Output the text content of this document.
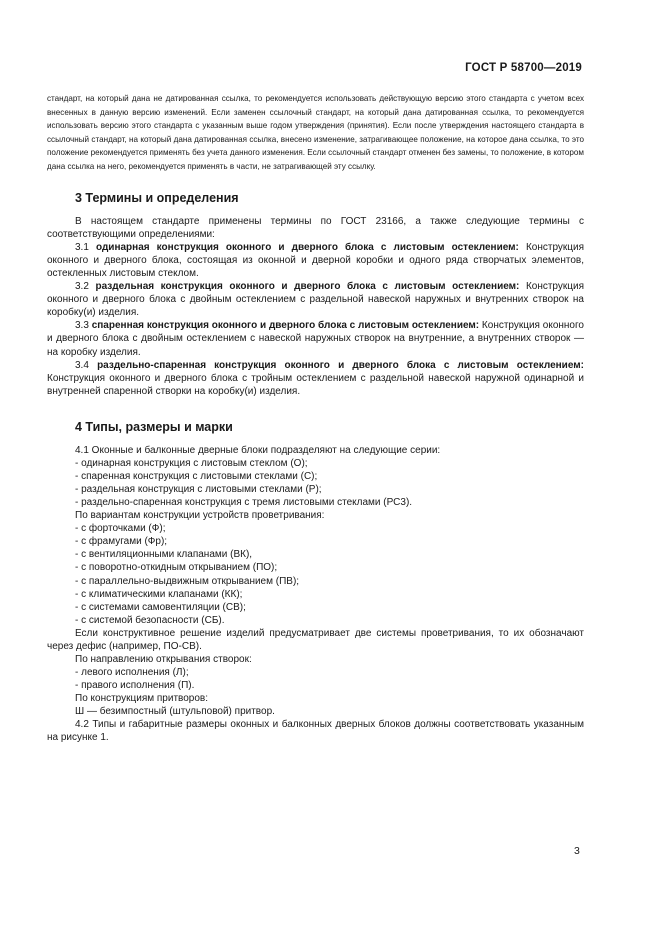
ГОСТ Р 58700—2019

стандарт, на который дана не датированная ссылка, то рекомендуется использовать действующую версию этого стандарта с учетом всех внесенных в данную версию изменений. Если заменен ссылочный стандарт, на который дана датированная ссылка, то рекомендуется использовать версию этого стандарта с указанным выше годом утверждения (принятия). Если после утверждения настоящего стандарта в ссылочный стандарт, на который дана датированная ссылка, внесено изменение, затрагивающее положение, на которое дана ссылка, то это положение рекомендуется применять без учета данного изменения. Если ссылочный стандарт отменен без замены, то положение, в котором дана ссылка на него, рекомендуется применять в части, не затрагивающей эту ссылку.

3 Термины и определения

В настоящем стандарте применены термины по ГОСТ 23166, а также следующие термины с соответствующими определениями:

3.1 одинарная конструкция оконного и дверного блока с листовым остеклением: Конструкция оконного и дверного блока, состоящая из оконной и дверной коробки и одного ряда створчатых элементов, остекленных листовым стеклом.

3.2 раздельная конструкция оконного и дверного блока с листовым остеклением: Конструкция оконного и дверного блока с двойным остеклением с раздельной навеской наружных и внутренних створок на коробку(и) изделия.

3.3 спаренная конструкция оконного и дверного блока с листовым остеклением: Конструкция оконного и дверного блока с двойным остеклением с навеской наружных створок на внутренние, а внутренних створок — на коробку изделия.

3.4 раздельно-спаренная конструкция оконного и дверного блока с листовым остеклением: Конструкция оконного и дверного блока с тройным остеклением с раздельной навеской наружной одинарной и внутренней спаренной створки на коробку(и) изделия.

4 Типы, размеры и марки

4.1 Оконные и балконные дверные блоки подразделяют на следующие серии:

- одинарная конструкция с листовым стеклом (О);

- спаренная конструкция с листовыми стеклами (С);

- раздельная конструкция с листовыми стеклами (Р);

- раздельно-спаренная конструкция с тремя листовыми стеклами (РС3).

По вариантам конструкции устройств проветривания:

- с форточками (Ф);

- с фрамугами (Фр);

- с вентиляционными клапанами (ВК),

- с поворотно-откидным открыванием (ПО);

- с параллельно-выдвижным открыванием (ПВ);

- с климатическими клапанами (КК);

- с системами самовентиляции (СВ);

- с системой безопасности (СБ).

Если конструктивное решение изделий предусматривает две системы проветривания, то их обозначают через дефис (например, ПО-СВ).

По направлению открывания створок:

- левого исполнения (Л);

- правого исполнения (П).

По конструкциям притворов:

Ш — безимпостный (штульповой) притвор.

4.2 Типы и габаритные размеры оконных и балконных дверных блоков должны соответствовать указанным на рисунке 1.

3
